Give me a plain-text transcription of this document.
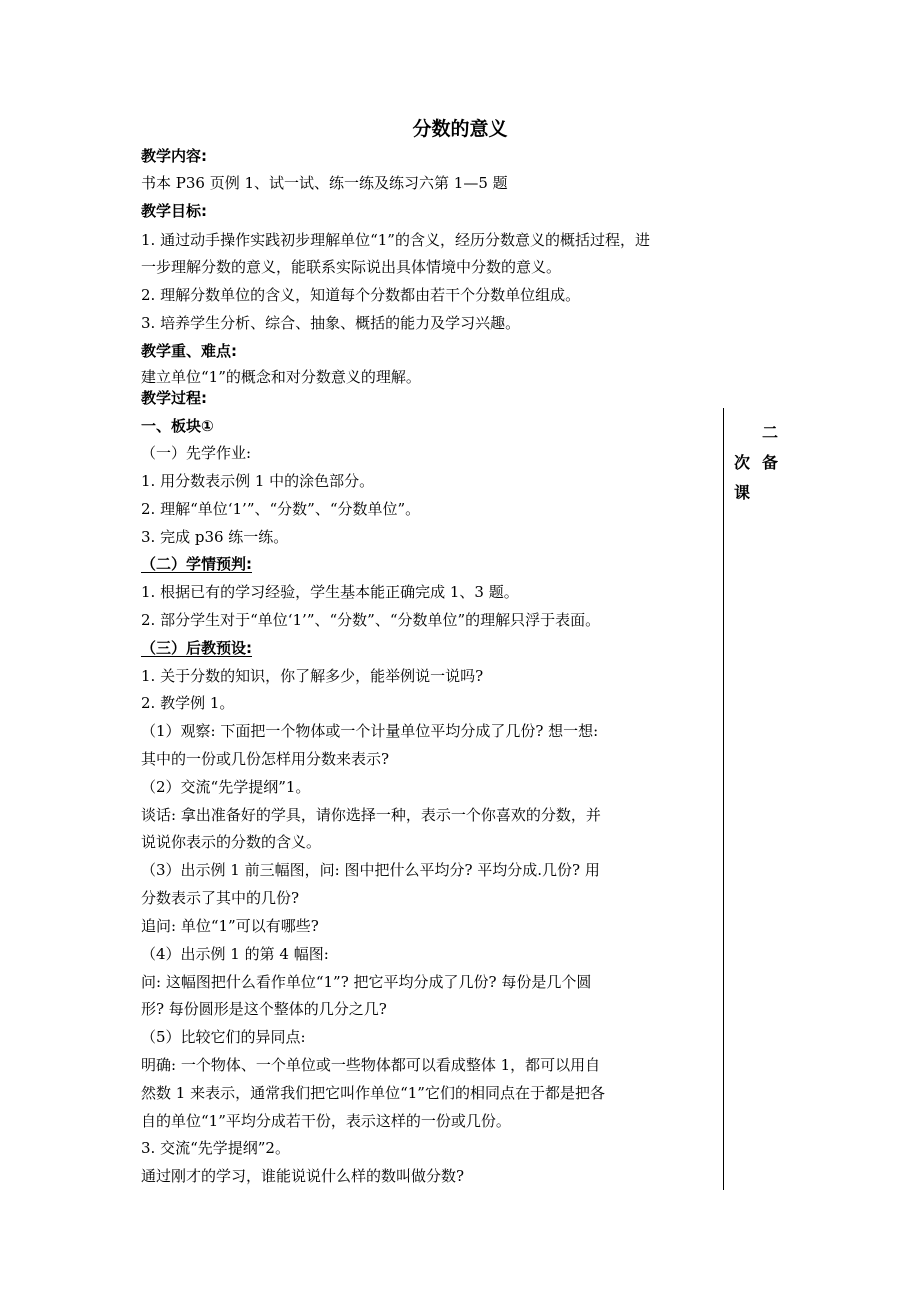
分数的意义
教学内容:
书本 P36 页例 1、试一试、练一练及练习六第 1—5 题
教学目标:
1. 通过动手操作实践初步理解单位“1”的含义，经历分数意义的概括过程，进
一步理解分数的意义，能联系实际说出具体情境中分数的意义。
2. 理解分数单位的含义，知道每个分数都由若干个分数单位组成。
3. 培养学生分析、综合、抽象、概括的能力及学习兴趣。
教学重、难点:
建立单位“1”的概念和对分数意义的理解。
教学过程:
一、板块①
（一）先学作业:
1. 用分数表示例 1 中的涂色部分。
2. 理解“单位‘1’”、“分数”、“分数单位”。
3. 完成 p36 练一练。
（二）学情预判:
1. 根据已有的学习经验，学生基本能正确完成 1、3 题。
2. 部分学生对于“单位‘1’”、“分数”、“分数单位”的理解只浮于表面。
（三）后教预设:
1. 关于分数的知识，你了解多少，能举例说一说吗?
2. 教学例 1。
（1）观察: 下面把一个物体或一个计量单位平均分成了几份? 想一想:
其中的一份或几份怎样用分数来表示?
（2）交流“先学提纲”1。
谈话: 拿出准备好的学具，请你选择一种，表示一个你喜欢的分数，并
说说你表示的分数的含义。
（3）出示例 1 前三幅图，问: 图中把什么平均分? 平均分成.几份? 用
分数表示了其中的几份?
追问: 单位“1”可以有哪些?
（4）出示例 1 的第 4 幅图:
问: 这幅图把什么看作单位“1”? 把它平均分成了几份? 每份是几个圆
形? 每份圆形是这个整体的几分之几?
（5）比较它们的异同点:
明确: 一个物体、一个单位或一些物体都可以看成整体 1，都可以用自
然数 1 来表示，通常我们把它叫作单位“1”它们的相同点在于都是把各
自的单位“1”平均分成若干份，表示这样的一份或几份。
3. 交流“先学提纲”2。
通过刚才的学习，谁能说说什么样的数叫做分数?
二
次 备
课
